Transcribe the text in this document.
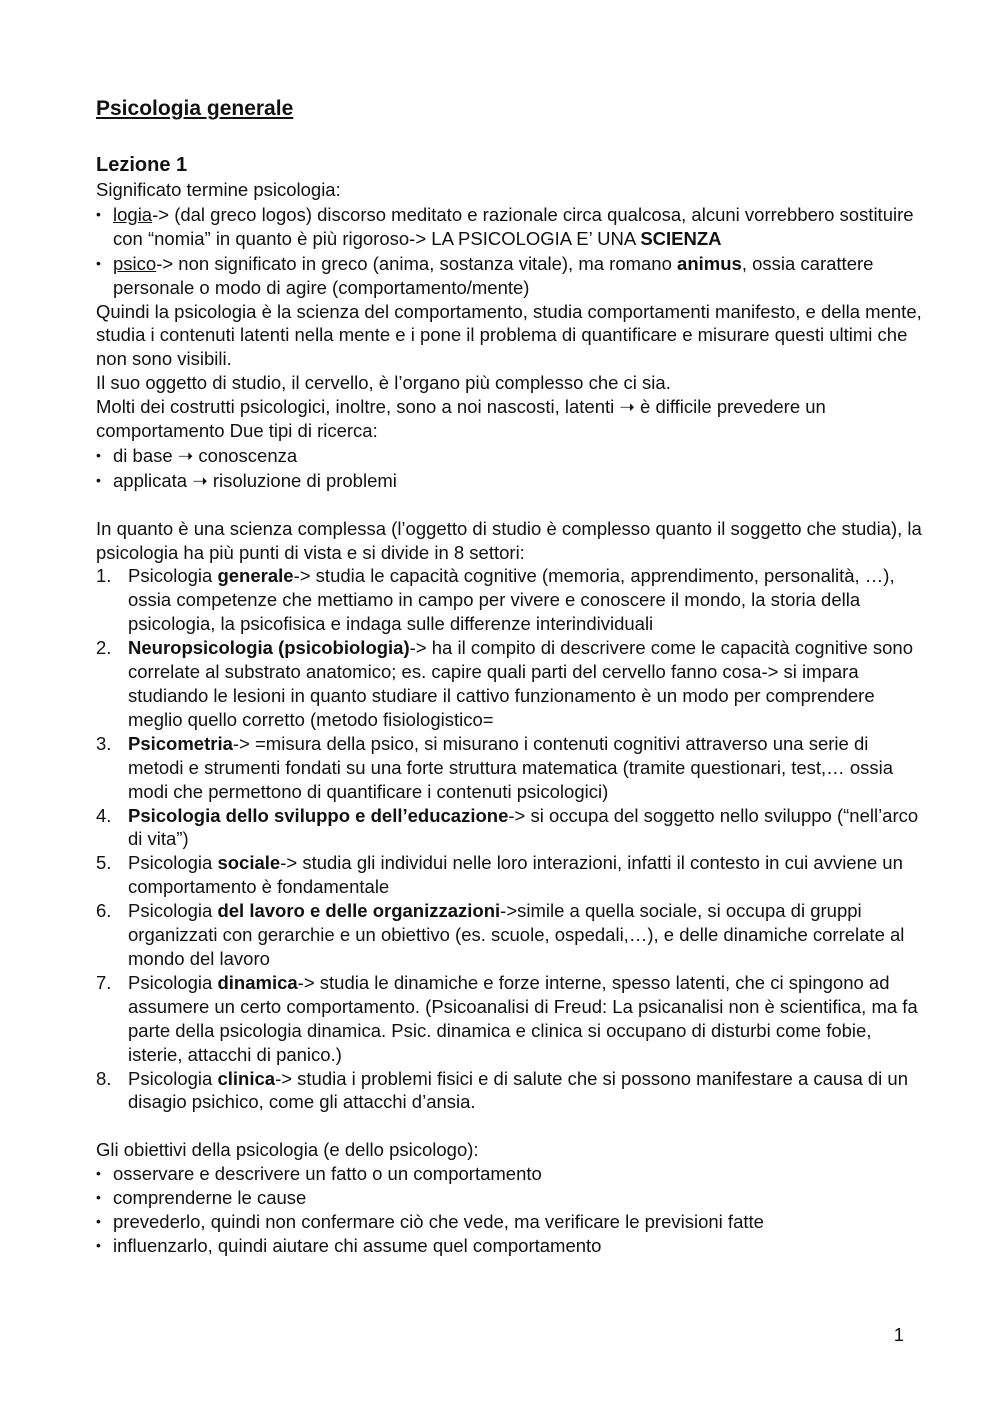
Psicologia generale
Lezione 1

Significato termine psicologia:

• logia-> (dal greco logos) discorso meditato e razionale circa qualcosa, alcuni vorrebbero sostituire con “nomia” in quanto è più rigoroso-> LA PSICOLOGIA E’ UNA SCIENZA
• psico-> non significato in greco (anima, sostanza vitale), ma romano animus, ossia carattere personale o modo di agire (comportamento/mente)

Quindi la psicologia è la scienza del comportamento, studia comportamenti manifesto, e della mente, studia i contenuti latenti nella mente e i pone il problema di quantificare e misurare questi ultimi che non sono visibili.

Il suo oggetto di studio, il cervello, è l’organo più complesso che ci sia.

Molti dei costrutti psicologici, inoltre, sono a noi nascosti, latenti ➝ è difficile prevedere un comportamento Due tipi di ricerca:

• di base ➝ conoscenza
• applicata ➝ risoluzione di problemi

In quanto è una scienza complessa (l’oggetto di studio è complesso quanto il soggetto che studia), la psicologia ha più punti di vista e si divide in 8 settori:

1. Psicologia generale-> studia le capacità cognitive (memoria, apprendimento, personalità, …), ossia competenze che mettiamo in campo per vivere e conoscere il mondo, la storia della psicologia, la psicofisica e indaga sulle differenze interindividuali
2. Neuropsicologia (psicobiologia)-> ha il compito di descrivere come le capacità cognitive sono correlate al substrato anatomico; es. capire quali parti del cervello fanno cosa-> si impara studiando le lesioni in quanto studiare il cattivo funzionamento è un modo per comprendere meglio quello corretto (metodo fisiologistico=
3. Psicometria-> =misura della psico, si misurano i contenuti cognitivi attraverso una serie di metodi e strumenti fondati su una forte struttura matematica (tramite questionari, test,… ossia modi che permettono di quantificare i contenuti psicologici)
4. Psicologia dello sviluppo e dell’educazione-> si occupa del soggetto nello sviluppo (“nell’arco di vita”)
5. Psicologia sociale-> studia gli individui nelle loro interazioni, infatti il contesto in cui avviene un comportamento è fondamentale
6. Psicologia del lavoro e delle organizzazioni->simile a quella sociale, si occupa di gruppi organizzati con gerarchie e un obiettivo (es. scuole, ospedali,…), e delle dinamiche correlate al mondo del lavoro
7. Psicologia dinamica-> studia le dinamiche e forze interne, spesso latenti, che ci spingono ad assumere un certo comportamento. (Psicoanalisi di Freud: La psicanalisi non è scientifica, ma fa parte della psicologia dinamica. Psic. dinamica e clinica si occupano di disturbi come fobie, isterie, attacchi di panico.)
8. Psicologia clinica-> studia i problemi fisici e di salute che si possono manifestare a causa di un disagio psichico, come gli attacchi d’ansia.

Gli obiettivi della psicologia (e dello psicologo):

• osservare e descrivere un fatto o un comportamento
• comprenderne le cause
• prevederlo, quindi non confermare ciò che vede, ma verificare le previsioni fatte
• influenzarlo, quindi aiutare chi assume quel comportamento
1
